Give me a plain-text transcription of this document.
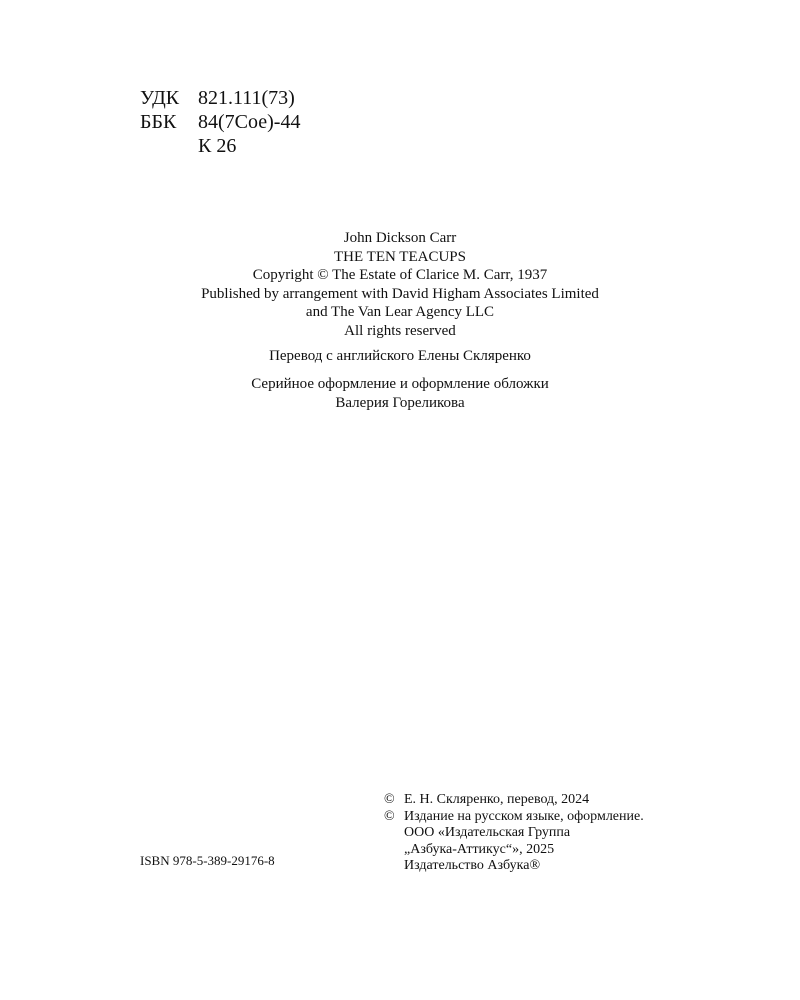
УДК 821.111(73)
ББК	84(7Сое)-44
К 26
John Dickson Carr
THE TEN TEACUPS
Copyright © The Estate of Clarice M. Carr, 1937
Published by arrangement with David Higham Associates Limited
and The Van Lear Agency LLC
All rights reserved
Перевод с английского Елены Скляренко
Серийное оформление и оформление обложки
Валерия Гореликова
ISBN 978-5-389-29176-8
© Е. Н. Скляренко, перевод, 2024
© Издание на русском языке, оформление.
ООО «Издательская Группа
„Азбука-Аттикус“», 2025
Издательство Азбука®
